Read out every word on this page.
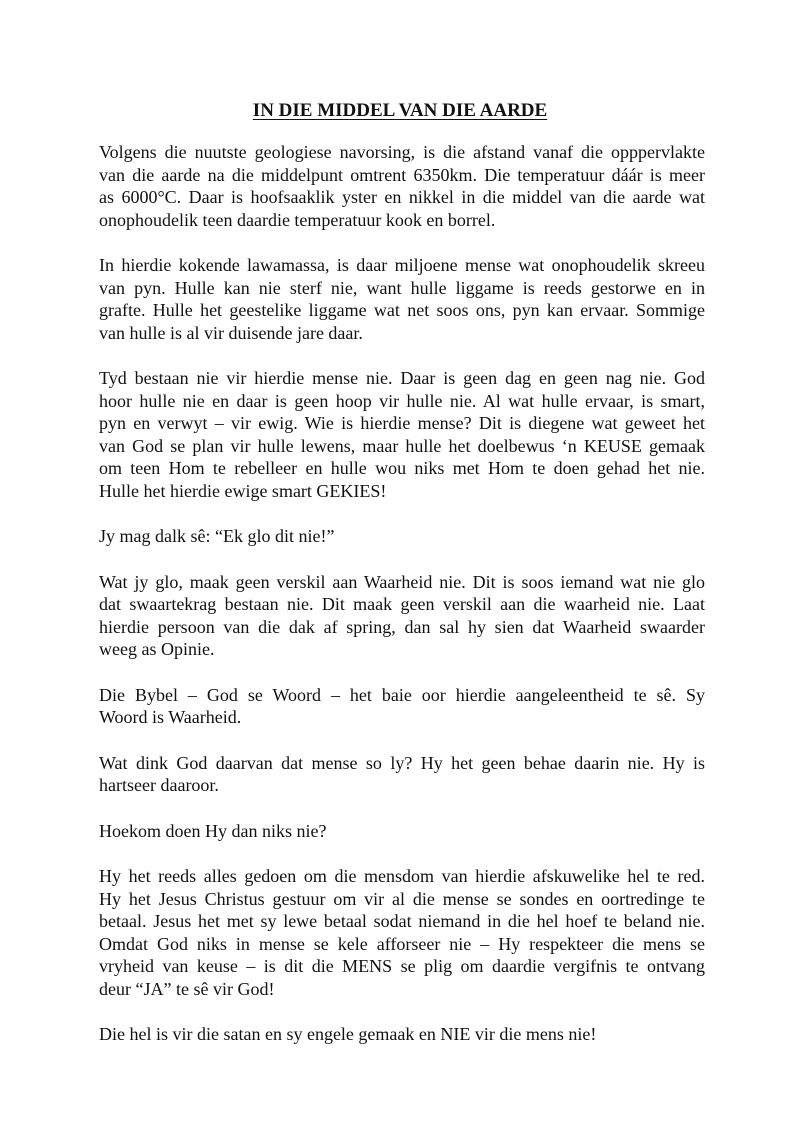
IN DIE MIDDEL VAN DIE AARDE

Volgens die nuutste geologiese navorsing, is die afstand vanaf die opppervlakte
van die aarde na die middelpunt omtrent 6350km. Die temperatuur dáár is meer
as 6000°C. Daar is hoofsaaklik yster en nikkel in die middel van die aarde wat
onophoudelik teen daardie temperatuur kook en borrel.

In hierdie kokende lawamassa, is daar miljoene mense wat onophoudelik skreeu
van pyn. Hulle kan nie sterf nie, want hulle liggame is reeds gestorwe en in
grafte. Hulle het geestelike liggame wat net soos ons, pyn kan ervaar. Sommige
van hulle is al vir duisende jare daar.

Tyd bestaan nie vir hierdie mense nie. Daar is geen dag en geen nag nie. God
hoor hulle nie en daar is geen hoop vir hulle nie. Al wat hulle ervaar, is smart,
pyn en verwyt – vir ewig. Wie is hierdie mense? Dit is diegene wat geweet het
van God se plan vir hulle lewens, maar hulle het doelbewus ‘n KEUSE gemaak
om teen Hom te rebelleer en hulle wou niks met Hom te doen gehad het nie.
Hulle het hierdie ewige smart GEKIES!

Jy mag dalk sê: “Ek glo dit nie!”

Wat jy glo, maak geen verskil aan Waarheid nie. Dit is soos iemand wat nie glo
dat swaartekrag bestaan nie. Dit maak geen verskil aan die waarheid nie. Laat
hierdie persoon van die dak af spring, dan sal hy sien dat Waarheid swaarder
weeg as Opinie.

Die Bybel – God se Woord – het baie oor hierdie aangeleentheid te sê. Sy
Woord is Waarheid.

Wat dink God daarvan dat mense so ly? Hy het geen behae daarin nie. Hy is
hartseer daaroor.

Hoekom doen Hy dan niks nie?

Hy het reeds alles gedoen om die mensdom van hierdie afskuwelike hel te red.
Hy het Jesus Christus gestuur om vir al die mense se sondes en oortredinge te
betaal. Jesus het met sy lewe betaal sodat niemand in die hel hoef te beland nie.
Omdat God niks in mense se kele afforseer nie – Hy respekteer die mens se
vryheid van keuse – is dit die MENS se plig om daardie vergifnis te ontvang
deur “JA” te sê vir God!

Die hel is vir die satan en sy engele gemaak en NIE vir die mens nie!
